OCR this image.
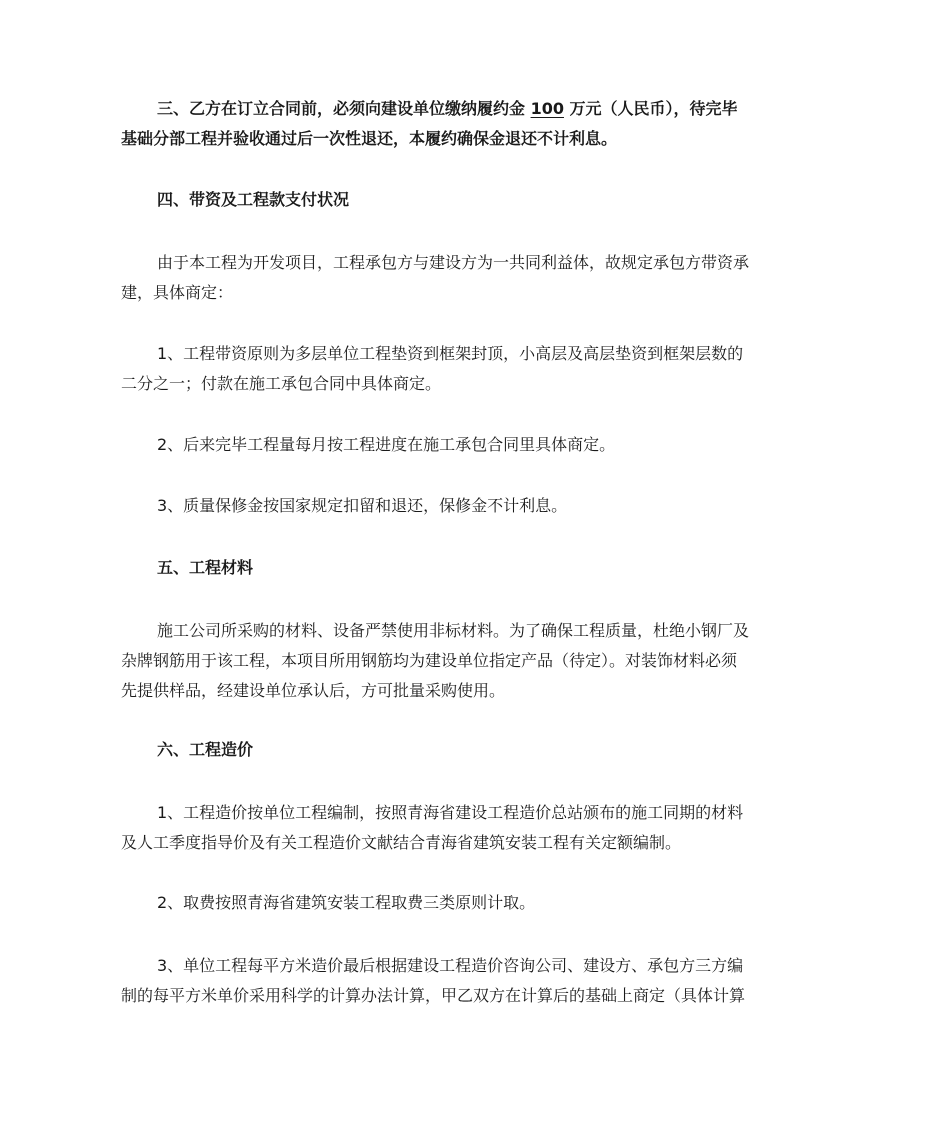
三、乙方在订立合同前，必须向建设单位缴纳履约金 100 万元（人民币），待完毕
基础分部工程并验收通过后一次性退还，本履约确保金退还不计利息。

四、带资及工程款支付状况

由于本工程为开发项目，工程承包方与建设方为一共同利益体，故规定承包方带资承
建，具体商定：

1、工程带资原则为多层单位工程垫资到框架封顶，小高层及高层垫资到框架层数的
二分之一；付款在施工承包合同中具体商定。

2、后来完毕工程量每月按工程进度在施工承包合同里具体商定。

3、质量保修金按国家规定扣留和退还，保修金不计利息。

五、工程材料

施工公司所采购的材料、设备严禁使用非标材料。为了确保工程质量，杜绝小钢厂及
杂牌钢筋用于该工程，本项目所用钢筋均为建设单位指定产品（待定）。对装饰材料必须
先提供样品，经建设单位承认后，方可批量采购使用。

六、工程造价

1、工程造价按单位工程编制，按照青海省建设工程造价总站颁布的施工同期的材料
及人工季度指导价及有关工程造价文献结合青海省建筑安装工程有关定额编制。

2、取费按照青海省建筑安装工程取费三类原则计取。

3、单位工程每平方米造价最后根据建设工程造价咨询公司、建设方、承包方三方编
制的每平方米单价采用科学的计算办法计算，甲乙双方在计算后的基础上商定（具体计算
